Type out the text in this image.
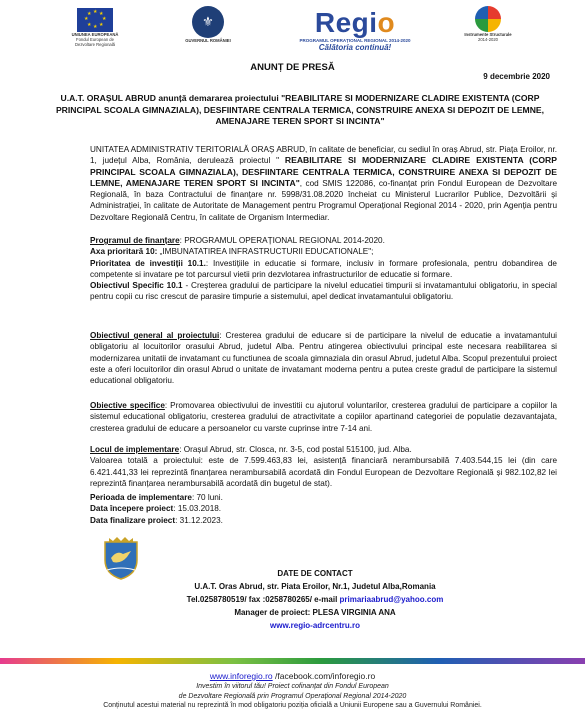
★ ★
★
★
★
★
★
★
UNIUNEA EUROPEANĂ
Fondul European de Dezvoltare Regională
⚜
GUVERNUL ROMÂNIEI
Regio
PROGRAMUL OPERAȚIONAL REGIONAL 2014-2020
Călătoria continuă!
Instrumente Structurale
2014-2020
ANUNȚ DE PRESĂ
9 decembrie 2020
U.A.T. ORAȘUL ABRUD anunță demararea proiectului "REABILITARE SI MODERNIZARE CLADIRE EXISTENTA (CORP PRINCIPAL SCOALA GIMNAZIALA), DESFIINTARE CENTRALA TERMICA, CONSTRUIRE ANEXA SI DEPOZIT DE LEMNE, AMENAJARE TEREN SPORT SI INCINTA"
UNITATEA ADMINISTRATIV TERITORIALĂ ORAȘ ABRUD, în calitate de beneficiar, cu sediul în oraș Abrud, str. Piața Eroilor, nr. 1, județul Alba, România, derulează proiectul " REABILITARE SI MODERNIZARE CLADIRE EXISTENTA (CORP PRINCIPAL SCOALA GIMNAZIALA), DESFIINTARE CENTRALA TERMICA, CONSTRUIRE ANEXA SI DEPOZIT DE LEMNE, AMENAJARE TEREN SPORT SI INCINTA", cod SMIS 122086, co-finanțat prin Fondul European de Dezvoltare Regională, în baza Contractului de finanțare nr. 5998/31.08.2020 încheiat cu Ministerul Lucrarilor Publice, Dezvoltării și Administrației, în calitate de Autoritate de Management pentru Programul Operațional Regional 2014 - 2020, prin Agenția pentru Dezvoltare Regională Centru, în calitate de Organism Intermediar.
Programul de finanțare: PROGRAMUL OPERAȚIONAL REGIONAL 2014-2020.
Axa prioritară 10: „IMBUNATATIREA INFRASTRUCTURII EDUCATIONALE";
Prioritatea de investiții 10.1.: Investițiile in educatie si formare, inclusiv in formare profesionala, pentru dobandirea de competente si invatare pe tot parcursul vietii prin dezvlotarea infrastructurilor de educatie si formare.
Obiectivul Specific 10.1 - Creșterea gradului de participare la nivelul educatiei timpurii si invatamantului obligatoriu, in special pentru copii cu risc crescut de parasire timpurie a sistemului, apel dedicat invatamantului obligatoriu.
Obiectivul general al proiectului: Cresterea gradului de educare si de participare la nivelul de educatie a invatamantului obligatoriu al locuitorilor orasului Abrud, judetul Alba. Pentru atingerea obiectivului principal este necesara reabilitarea si modernizarea unitatii de invatamant cu functiunea de scoala gimnaziala din orasul Abrud, judetul Alba. Scopul prezentului proiect este a oferi locuitorilor din orasul Abrud o unitate de invatamant moderna pentru a putea creste gradul de participare la sistemul educational obligatoriu.
Obiective specifice: Promovarea obiectivului de investitii cu ajutorul voluntarilor, cresterea gradului de participare a copiilor la sistemul educational obligatoriu, cresterea gradului de atractivitate a copiilor apartinand categoriei de populatie dezavantajata, cresterea gradului de educare a persoanelor cu varste cuprinse intre 7-14 ani.
Locul de implementare: Orașul Abrud, str. Closca, nr. 3-5, cod postal 515100, jud. Alba.
Valoarea totală a proiectului: este de 7.599.463,83 lei, asistență financiară nerambursabilă 7.403.544,15 lei (din care 6.421.441,33 lei reprezintă finanțarea nerambursabilă acordată din Fondul European de Dezvoltare Regională și 982.102,82 lei reprezintă finanțarea nerambursabilă acordată din bugetul de stat).
Perioada de implementare: 70 luni.
Data începere proiect: 15.03.2018.
Data finalizare proiect: 31.12.2023.
DATE DE CONTACT
U.A.T. Oras Abrud, str. Piata Eroilor, Nr.1, Judetul Alba,Romania
Tel.0258780519/ fax :0258780265/ e-mail primariaabrud@yahoo.com
Manager de proiect: PLESA VIRGINIA ANA
www.regio-adrcentru.ro
www.inforegio.ro /facebook.com/inforegio.ro
Investim în viitorul tău! Proiect cofinanțat din Fondul European
de Dezvoltare Regională prin Programul Operațional Regional 2014-2020
Conținutul acestui material nu reprezintă în mod obligatoriu poziția oficială a Uniunii Europene sau a Guvernului României.
